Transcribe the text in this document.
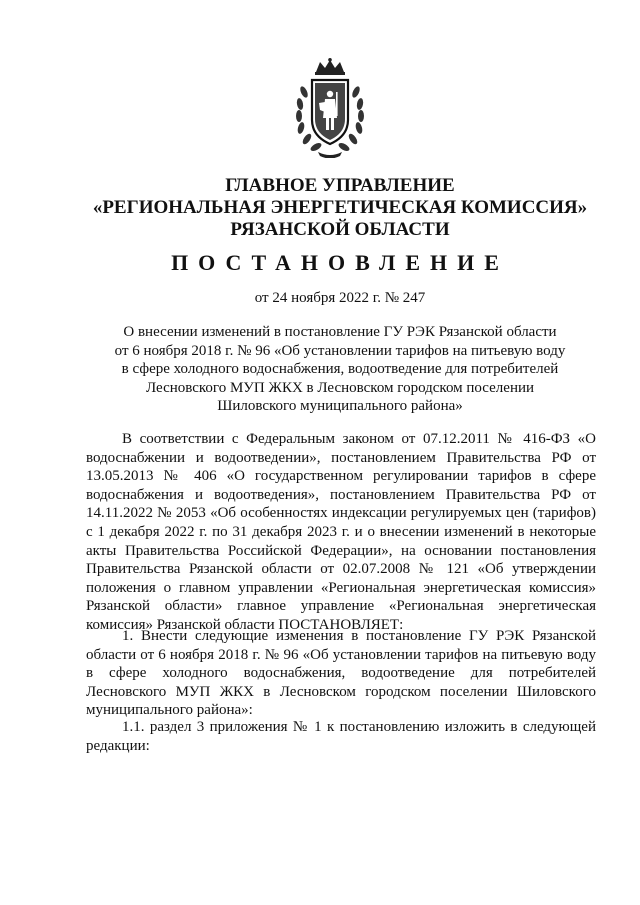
ГЛАВНОЕ УПРАВЛЕНИЕ
«РЕГИОНАЛЬНАЯ ЭНЕРГЕТИЧЕСКАЯ КОМИССИЯ»
РЯЗАНСКОЙ ОБЛАСТИ
ПОСТАНОВЛЕНИЕ
от 24 ноября 2022 г. № 247
О внесении изменений в постановление ГУ РЭК Рязанской области
от 6 ноября 2018 г. № 96 «Об установлении тарифов на питьевую воду
в сфере холодного водоснабжения, водоотведение для потребителей
Лесновского МУП ЖКХ в Лесновском городском поселении
Шиловского муниципального района»
В соответствии с Федеральным законом от 07.12.2011 № 416-ФЗ «О водоснабжении и водоотведении», постановлением Правительства РФ от 13.05.2013 № 406 «О государственном регулировании тарифов в сфере водоснабжения и водоотведения», постановлением Правительства РФ от 14.11.2022 № 2053 «Об особенностях индексации регулируемых цен (тарифов) с 1 декабря 2022 г. по 31 декабря 2023 г. и о внесении изменений в некоторые акты Правительства Российской Федерации», на основании постановления Правительства Рязанской области от 02.07.2008 № 121 «Об утверждении положения о главном управлении «Региональная энергетическая комиссия» Рязанской области» главное управление «Региональная энергетическая комиссия» Рязанской области ПОСТАНОВЛЯЕТ:
1. Внести следующие изменения в постановление ГУ РЭК Рязанской области от 6 ноября 2018 г. № 96 «Об установлении тарифов на питьевую воду в сфере холодного водоснабжения, водоотведение для потребителей Лесновского МУП ЖКХ в Лесновском городском поселении Шиловского муниципального района»:
1.1. раздел 3 приложения № 1 к постановлению изложить в следующей редакции:
